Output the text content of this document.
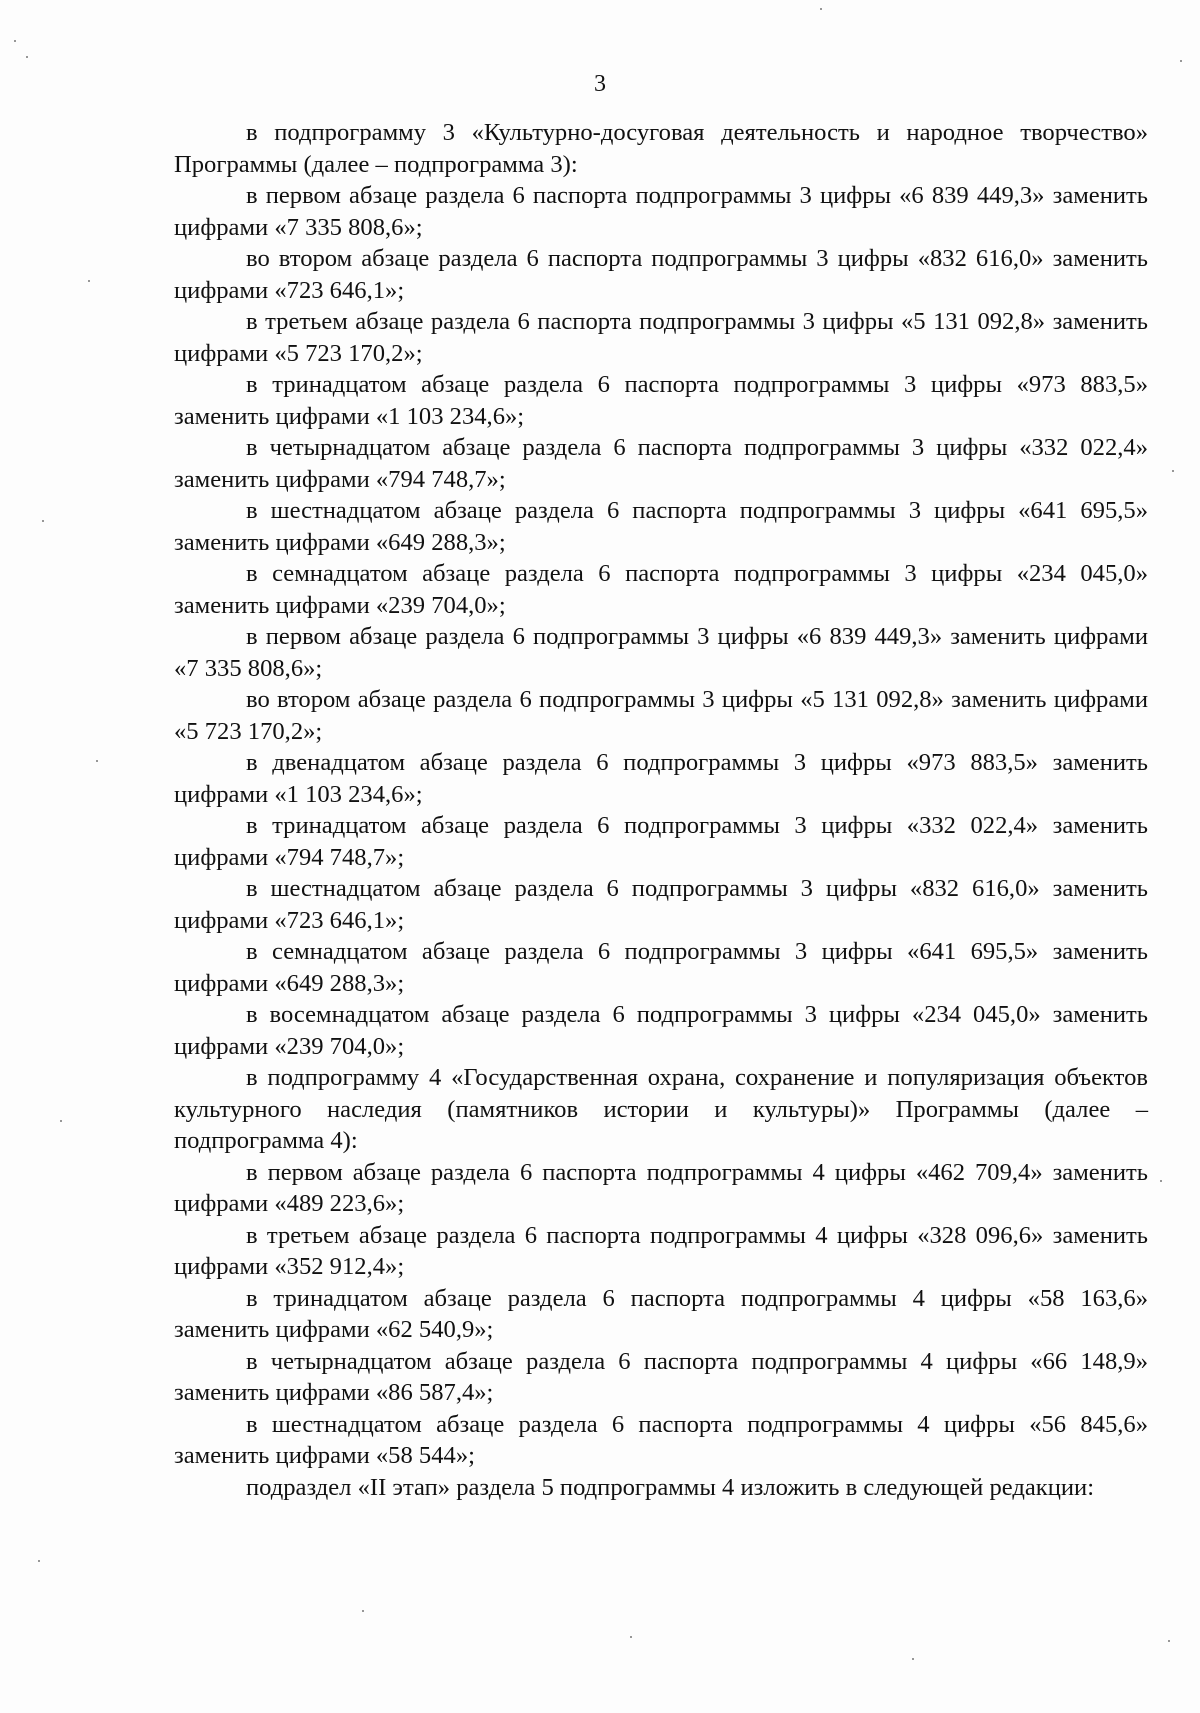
3

в подпрограмму 3 «Культурно-досуговая деятельность и народное творчество» Программы (далее – подпрограмма 3):

в первом абзаце раздела 6 паспорта подпрограммы 3 цифры «6 839 449,3» заменить цифрами «7 335 808,6»;

во втором абзаце раздела 6 паспорта подпрограммы 3 цифры «832 616,0» заменить цифрами «723 646,1»;

в третьем абзаце раздела 6 паспорта подпрограммы 3 цифры «5 131 092,8» заменить цифрами «5 723 170,2»;

в тринадцатом абзаце раздела 6 паспорта подпрограммы 3 цифры «973 883,5» заменить цифрами «1 103 234,6»;

в четырнадцатом абзаце раздела 6 паспорта подпрограммы 3 цифры «332 022,4» заменить цифрами «794 748,7»;

в шестнадцатом абзаце раздела 6 паспорта подпрограммы 3 цифры «641 695,5» заменить цифрами «649 288,3»;

в семнадцатом абзаце раздела 6 паспорта подпрограммы 3 цифры «234 045,0» заменить цифрами «239 704,0»;

в первом абзаце раздела 6 подпрограммы 3 цифры «6 839 449,3» заменить цифрами «7 335 808,6»;

во втором абзаце раздела 6 подпрограммы 3 цифры «5 131 092,8» заменить цифрами «5 723 170,2»;

в двенадцатом абзаце раздела 6 подпрограммы 3 цифры «973 883,5» заменить цифрами «1 103 234,6»;

в тринадцатом абзаце раздела 6 подпрограммы 3 цифры «332 022,4» заменить цифрами «794 748,7»;

в шестнадцатом абзаце раздела 6 подпрограммы 3 цифры «832 616,0» заменить цифрами «723 646,1»;

в семнадцатом абзаце раздела 6 подпрограммы 3 цифры «641 695,5» заменить цифрами «649 288,3»;

в восемнадцатом абзаце раздела 6 подпрограммы 3 цифры «234 045,0» заменить цифрами «239 704,0»;

в подпрограмму 4 «Государственная охрана, сохранение и популяризация объектов культурного наследия (памятников истории и культуры)» Программы (далее – подпрограмма 4):

в первом абзаце раздела 6 паспорта подпрограммы 4 цифры «462 709,4» заменить цифрами «489 223,6»;

в третьем абзаце раздела 6 паспорта подпрограммы 4 цифры «328 096,6» заменить цифрами «352 912,4»;

в тринадцатом абзаце раздела 6 паспорта подпрограммы 4 цифры «58 163,6» заменить цифрами «62 540,9»;

в четырнадцатом абзаце раздела 6 паспорта подпрограммы 4 цифры «66 148,9» заменить цифрами «86 587,4»;

в шестнадцатом абзаце раздела 6 паспорта подпрограммы 4 цифры «56 845,6» заменить цифрами «58 544»;

подраздел «II этап» раздела 5 подпрограммы 4 изложить в следующей редакции:
